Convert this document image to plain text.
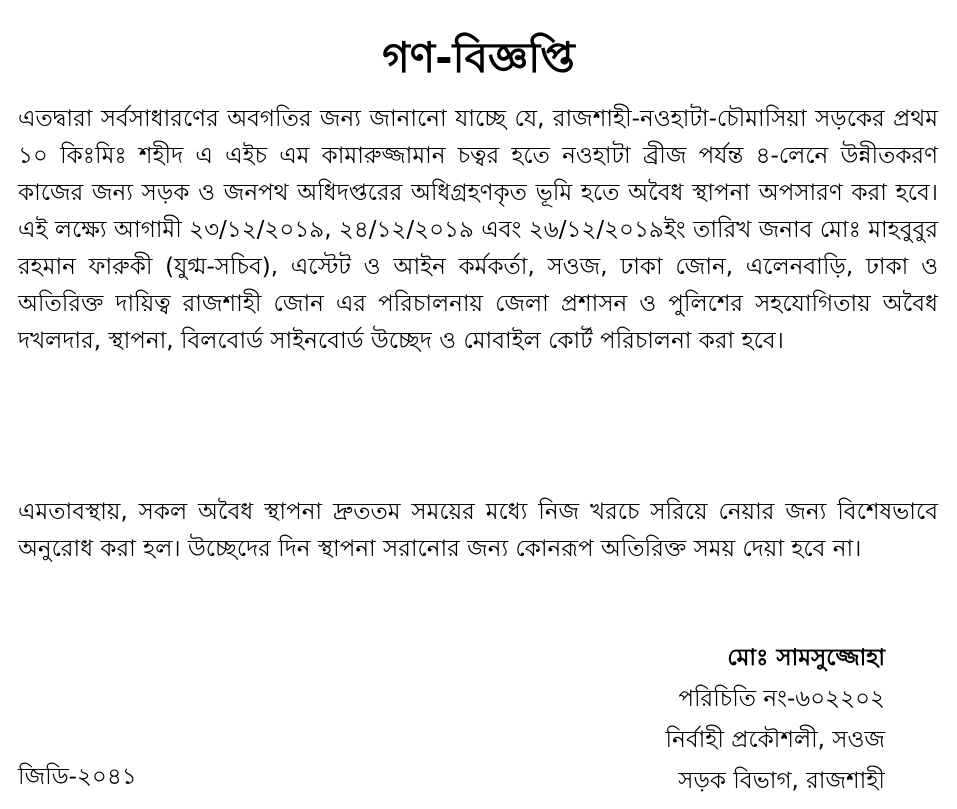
গণ-বিজ্ঞপ্তি
এতদ্বারা সর্বসাধারণের অবগতির জন্য জানানো যাচ্ছে যে, রাজশাহী-নওহাটা-চৌমাসিয়া সড়কের প্রথম ১০ কিঃমিঃ শহীদ এ এইচ এম কামারুজ্জামান চত্বর হতে নওহাটা ব্রীজ পর্যন্ত ৪-লেনে উন্নীতকরণ কাজের জন্য সড়ক ও জনপথ অধিদপ্তরের অধিগ্রহণকৃত ভূমি হতে অবৈধ স্থাপনা অপসারণ করা হবে। এই লক্ষ্যে আগামী ২৩/১২/২০১৯, ২৪/১২/২০১৯ এবং ২৬/১২/২০১৯ইং তারিখ জনাব মোঃ মাহবুবুর রহমান ফারুকী (যুগ্ম-সচিব), এস্টেট ও আইন কর্মকর্তা, সওজ, ঢাকা জোন, এলেনবাড়ি, ঢাকা ও অতিরিক্ত দায়িত্ব রাজশাহী জোন এর পরিচালনায় জেলা প্রশাসন ও পুলিশের সহযোগিতায় অবৈধ দখলদার, স্থাপনা, বিলবোর্ড সাইনবোর্ড উচ্ছেদ ও মোবাইল কোর্ট পরিচালনা করা হবে।
এমতাবস্থায়, সকল অবৈধ স্থাপনা দ্রুততম সময়ের মধ্যে নিজ খরচে সরিয়ে নেয়ার জন্য বিশেষভাবে অনুরোধ করা হল। উচ্ছেদের দিন স্থাপনা সরানোর জন্য কোনরূপ অতিরিক্ত সময় দেয়া হবে না।
মোঃ সামসুজ্জোহা
পরিচিতি নং-৬০২২০২
নির্বাহী প্রকৌশলী, সওজ
সড়ক বিভাগ, রাজশাহী
জিডি-২০৪১
